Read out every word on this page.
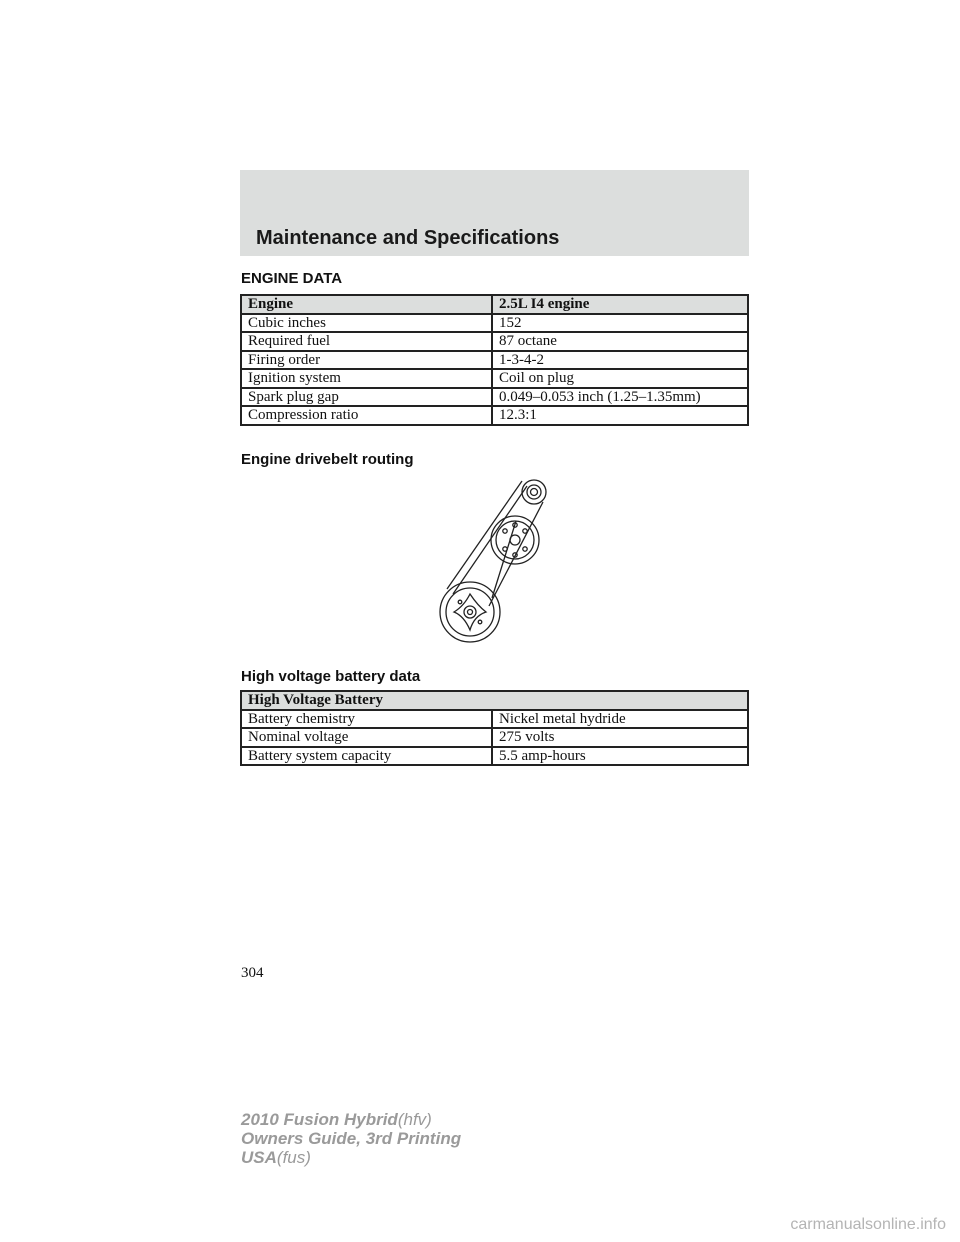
Maintenance and Specifications
ENGINE DATA
Engine	2.5L I4 engine
Cubic inches	152
Required fuel	87 octane
Firing order	1-3-4-2
Ignition system	Coil on plug
Spark plug gap	0.049–0.053 inch (1.25–1.35mm)
Compression ratio	12.3:1
Engine drivebelt routing
High voltage battery data
High Voltage Battery	
Battery chemistry	Nickel metal hydride
Nominal voltage	275 volts
Battery system capacity	5.5 amp-hours
304
2010 Fusion Hybrid(hfv)
Owners Guide, 3rd Printing
USA(fus)
carmanualsonline.info
